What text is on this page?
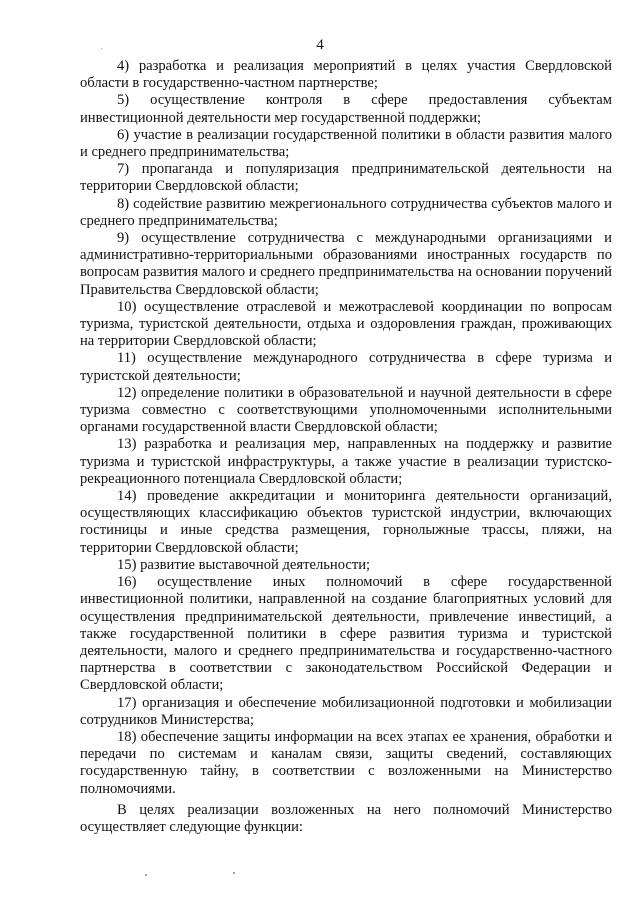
4

4) разработка и реализация мероприятий в целях участия Свердловской области в государственно-частном партнерстве;

5) осуществление контроля в сфере предоставления субъектам инвестиционной деятельности мер государственной поддержки;

6) участие в реализации государственной политики в области развития малого и среднего предпринимательства;

7) пропаганда и популяризация предпринимательской деятельности на территории Свердловской области;

8) содействие развитию межрегионального сотрудничества субъектов малого и среднего предпринимательства;

9) осуществление сотрудничества с международными организациями и административно-территориальными образованиями иностранных государств по вопросам развития малого и среднего предпринимательства на основании поручений Правительства Свердловской области;

10) осуществление отраслевой и межотраслевой координации по вопросам туризма, туристской деятельности, отдыха и оздоровления граждан, проживающих на территории Свердловской области;

11) осуществление международного сотрудничества в сфере туризма и туристской деятельности;

12) определение политики в образовательной и научной деятельности в сфере туризма совместно с соответствующими уполномоченными исполнительными органами государственной власти Свердловской области;

13) разработка и реализация мер, направленных на поддержку и развитие туризма и туристской инфраструктуры, а также участие в реализации туристско-рекреационного потенциала Свердловской области;

14) проведение аккредитации и мониторинга деятельности организаций, осуществляющих классификацию объектов туристской индустрии, включающих гостиницы и иные средства размещения, горнолыжные трассы, пляжи, на территории Свердловской области;

15) развитие выставочной деятельности;

16) осуществление иных полномочий в сфере государственной инвестиционной политики, направленной на создание благоприятных условий для осуществления предпринимательской деятельности, привлечение инвестиций, а также государственной политики в сфере развития туризма и туристской деятельности, малого и среднего предпринимательства и государственно-частного партнерства в соответствии с законодательством Российской Федерации и Свердловской области;

17) организация и обеспечение мобилизационной подготовки и мобилизации сотрудников Министерства;

18) обеспечение защиты информации на всех этапах ее хранения, обработки и передачи по системам и каналам связи, защиты сведений, составляющих государственную тайну, в соответствии с возложенными на Министерство полномочиями.

В целях реализации возложенных на него полномочий Министерство осуществляет следующие функции:
